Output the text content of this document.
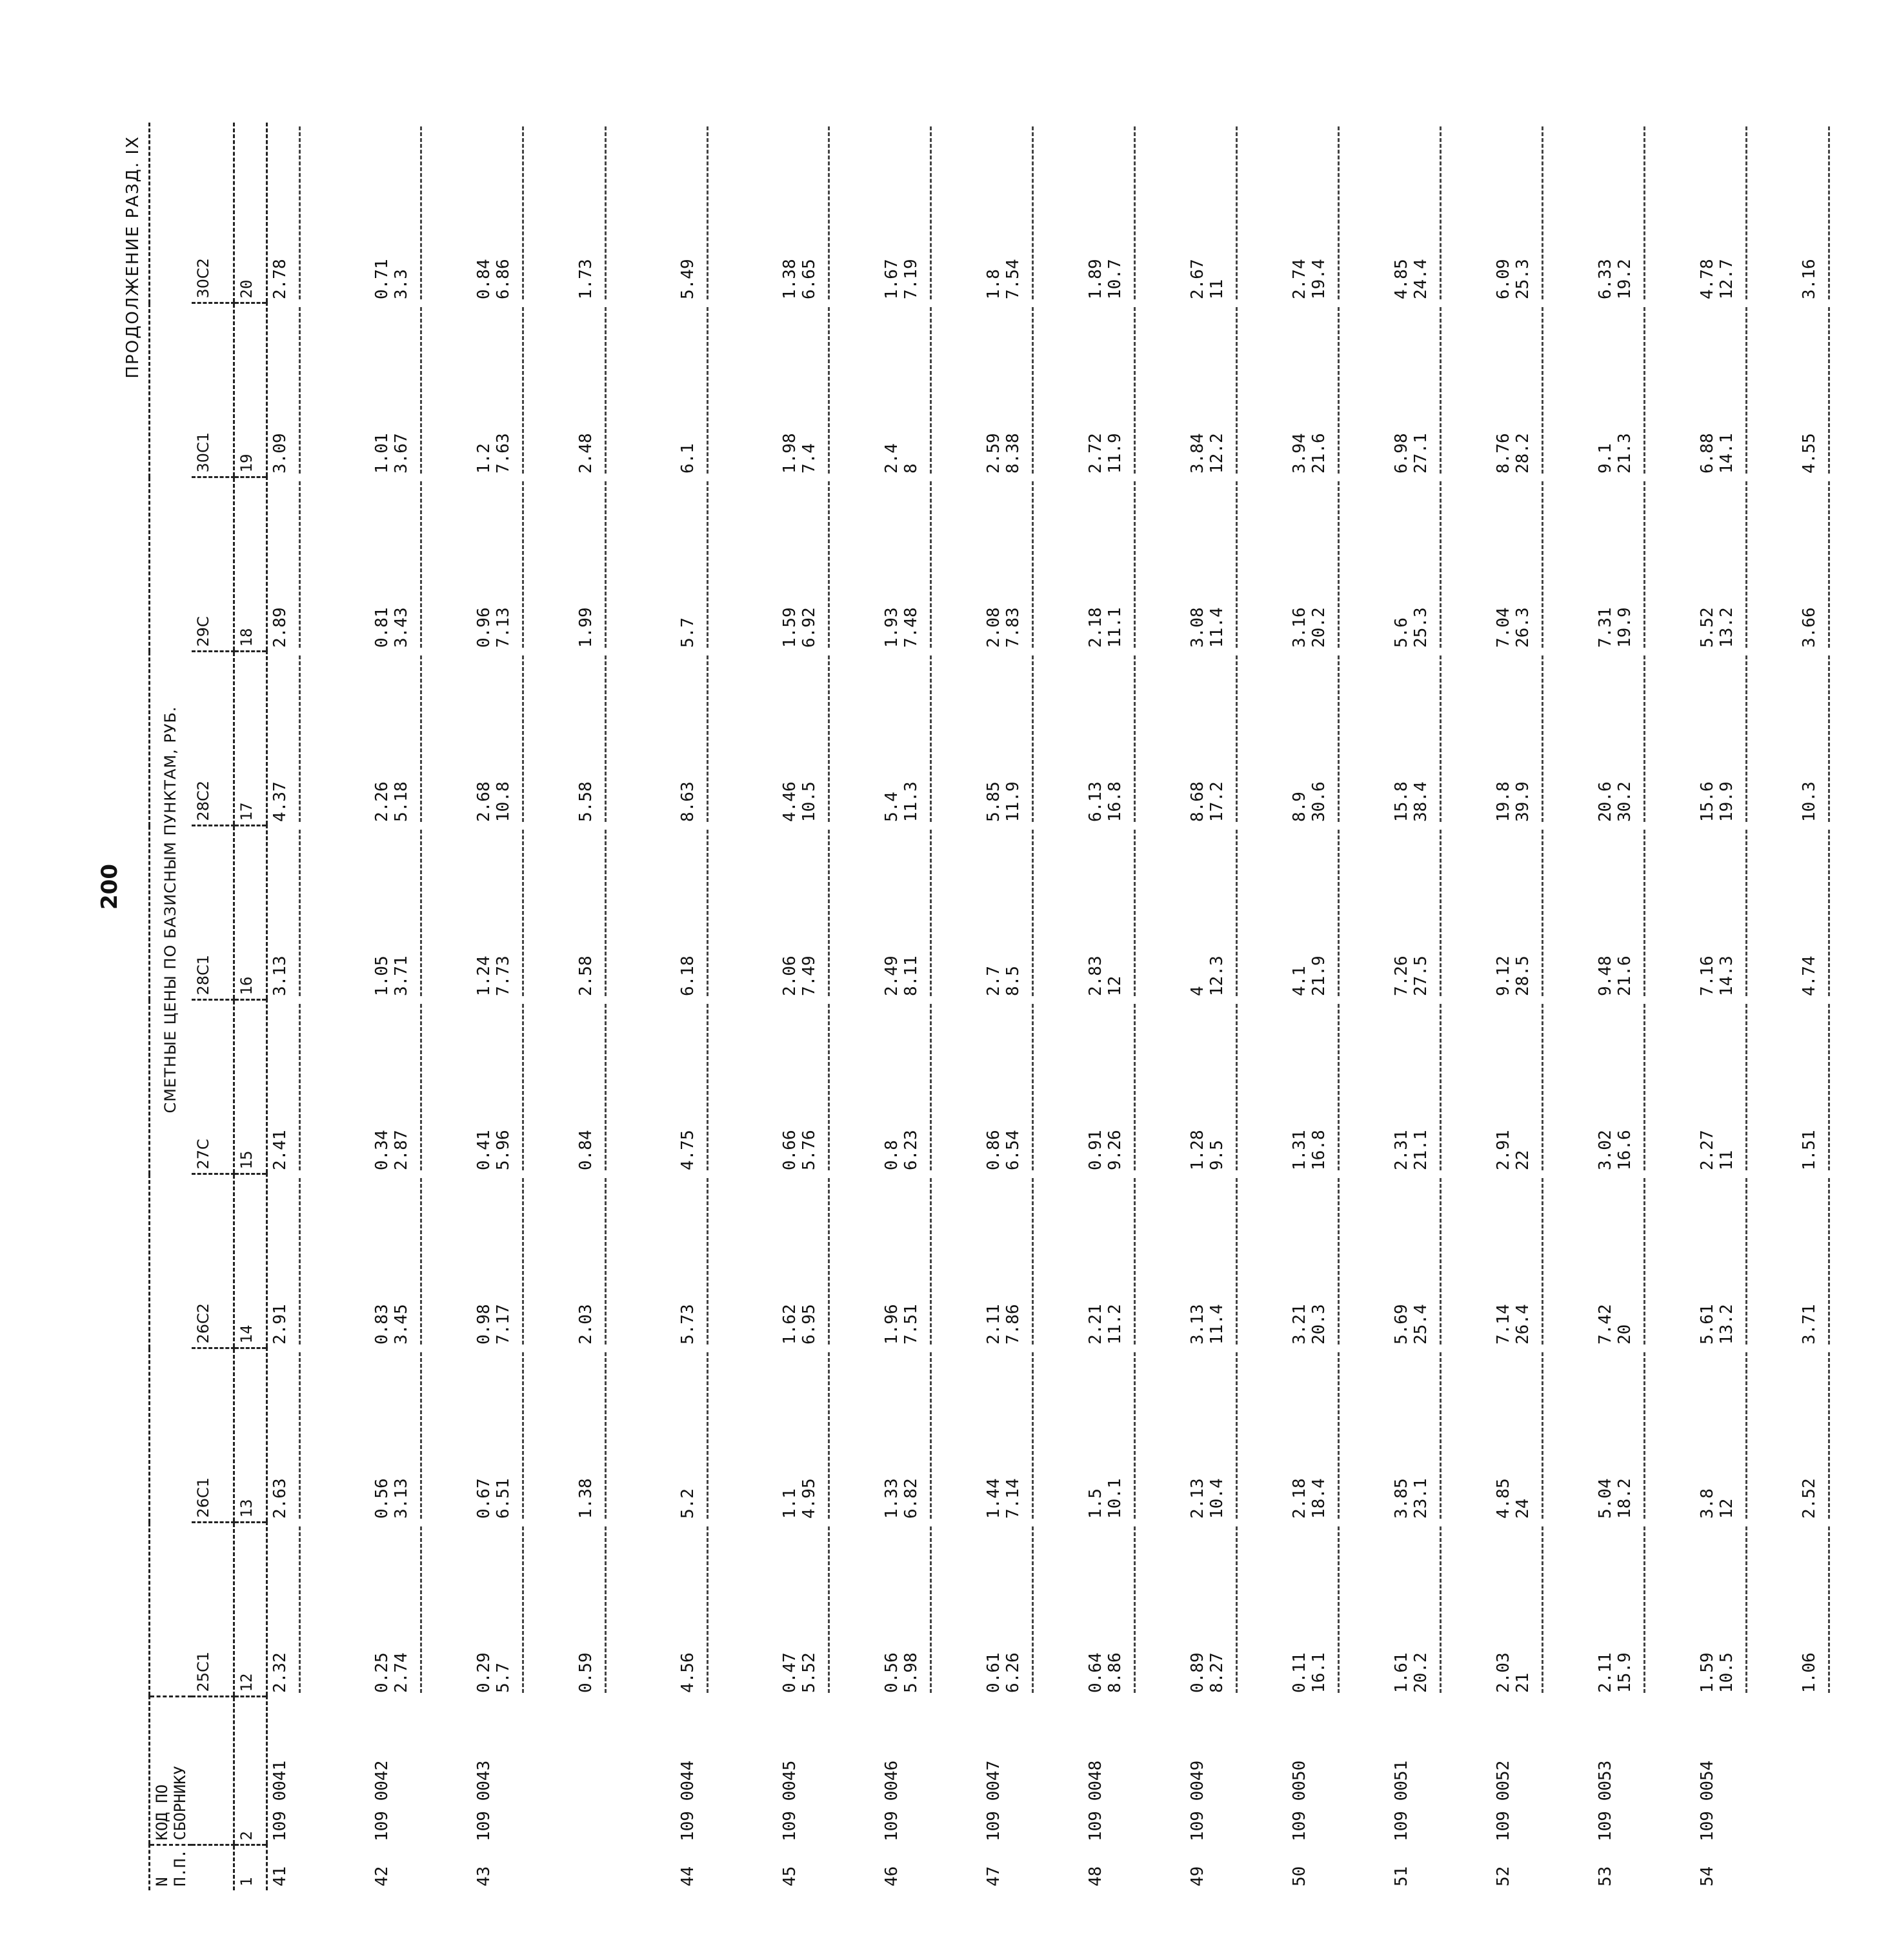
200
ПРОДОЛЖЕНИЕ РАЗД. IX
СМЕТНЫЕ ЦЕНЫ ПО БАЗИСНЫМ ПУНКТАМ, РУБ.
N П.П.	КОД ПО СБОРНИКУ									
		25С1	26С1	26С2	27С	28С1	28С2	29С	30С1	30С2
1	2	12	13	14	15	16	17	18	19	20
41	109 0041	2.32	2.63	2.91	2.41	3.13	4.37	2.89	3.09	2.78

42	109 0042	0.25 2.74	0.56 3.13	0.83 3.45	0.34 2.87	1.05 3.71	2.26 5.18	0.81 3.43	1.01 3.67	0.71 3.3

43	109 0043	0.29 5.7	0.67 6.51	0.98 7.17	0.41 5.96	1.24 7.73	2.68 10.8	0.96 7.13	1.2 7.63	0.84 6.86

		0.59	1.38	2.03	0.84	2.58	5.58	1.99	2.48	1.73

44	109 0044	4.56	5.2	5.73	4.75	6.18	8.63	5.7	6.1	5.49

45	109 0045	0.47 5.52	1.1 4.95	1.62 6.95	0.66 5.76	2.06 7.49	4.46 10.5	1.59 6.92	1.98 7.4	1.38 6.65

46	109 0046	0.56 5.98	1.33 6.82	1.96 7.51	0.8 6.23	2.49 8.11	5.4 11.3	1.93 7.48	2.4 8	1.67 7.19

47	109 0047	0.61 6.26	1.44 7.14	2.11 7.86	0.86 6.54	2.7 8.5	5.85 11.9	2.08 7.83	2.59 8.38	1.8 7.54

48	109 0048	0.64 8.86	1.5 10.1	2.21 11.2	0.91 9.26	2.83 12	6.13 16.8	2.18 11.1	2.72 11.9	1.89 10.7

49	109 0049	0.89 8.27	2.13 10.4	3.13 11.4	1.28 9.5	4 12.3	8.68 17.2	3.08 11.4	3.84 12.2	2.67 11

50	109 0050	0.11 16.1	2.18 18.4	3.21 20.3	1.31 16.8	4.1 21.9	8.9 30.6	3.16 20.2	3.94 21.6	2.74 19.4

51	109 0051	1.61 20.2	3.85 23.1	5.69 25.4	2.31 21.1	7.26 27.5	15.8 38.4	5.6 25.3	6.98 27.1	4.85 24.4

52	109 0052	2.03 21	4.85 24	7.14 26.4	2.91 22	9.12 28.5	19.8 39.9	7.04 26.3	8.76 28.2	6.09 25.3

53	109 0053	2.11 15.9	5.04 18.2	7.42 20	3.02 16.6	9.48 21.6	20.6 30.2	7.31 19.9	9.1 21.3	6.33 19.2

54	109 0054	1.59 10.5	3.8 12	5.61 13.2	2.27 11	7.16 14.3	15.6 19.9	5.52 13.2	6.88 14.1	4.78 12.7

		1.06	2.52	3.71	1.51	4.74	10.3	3.66	4.55	3.16
